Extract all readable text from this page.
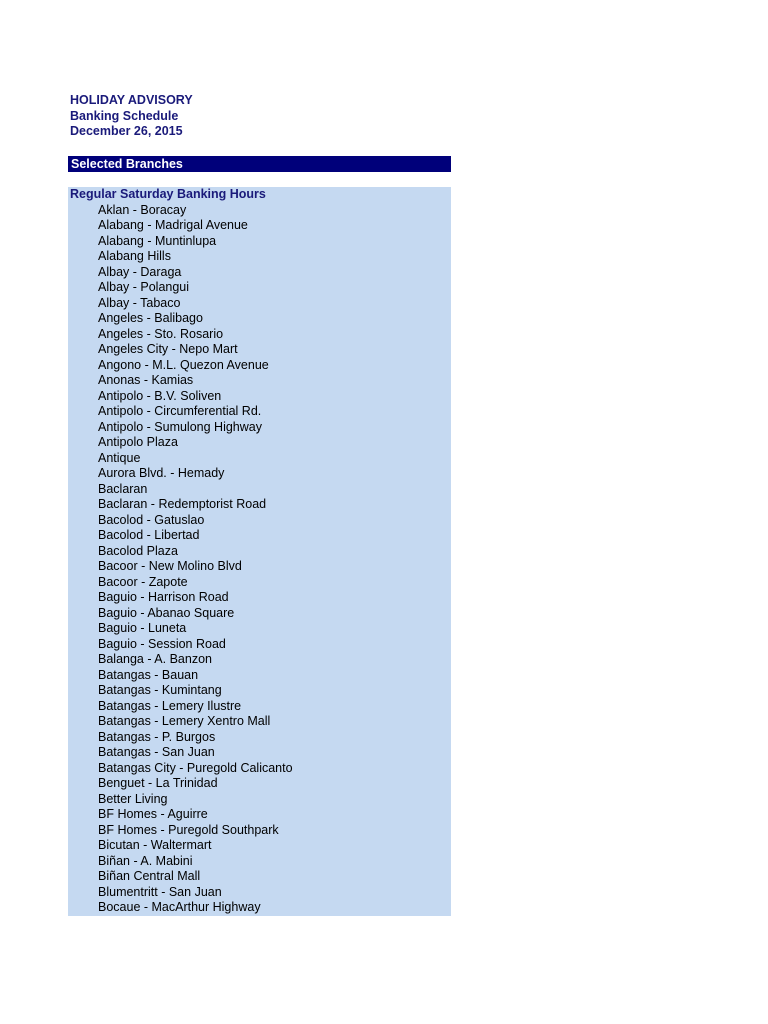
HOLIDAY ADVISORY
Banking Schedule
December 26, 2015
Selected Branches
Regular Saturday Banking Hours
Aklan - Boracay
Alabang - Madrigal Avenue
Alabang - Muntinlupa
Alabang Hills
Albay - Daraga
Albay - Polangui
Albay - Tabaco
Angeles - Balibago
Angeles - Sto. Rosario
Angeles City - Nepo Mart
Angono - M.L. Quezon Avenue
Anonas - Kamias
Antipolo - B.V. Soliven
Antipolo - Circumferential Rd.
Antipolo - Sumulong Highway
Antipolo Plaza
Antique
Aurora Blvd. - Hemady
Baclaran
Baclaran - Redemptorist Road
Bacolod - Gatuslao
Bacolod - Libertad
Bacolod Plaza
Bacoor - New Molino Blvd
Bacoor - Zapote
Baguio - Harrison Road
Baguio - Abanao Square
Baguio - Luneta
Baguio - Session Road
Balanga - A. Banzon
Batangas - Bauan
Batangas - Kumintang
Batangas - Lemery Ilustre
Batangas - Lemery Xentro Mall
Batangas - P. Burgos
Batangas - San Juan
Batangas City - Puregold Calicanto
Benguet - La Trinidad
Better Living
BF Homes - Aguirre
BF Homes - Puregold Southpark
Bicutan - Waltermart
Biñan - A. Mabini
Biñan Central Mall
Blumentritt - San Juan
Bocaue - MacArthur Highway
